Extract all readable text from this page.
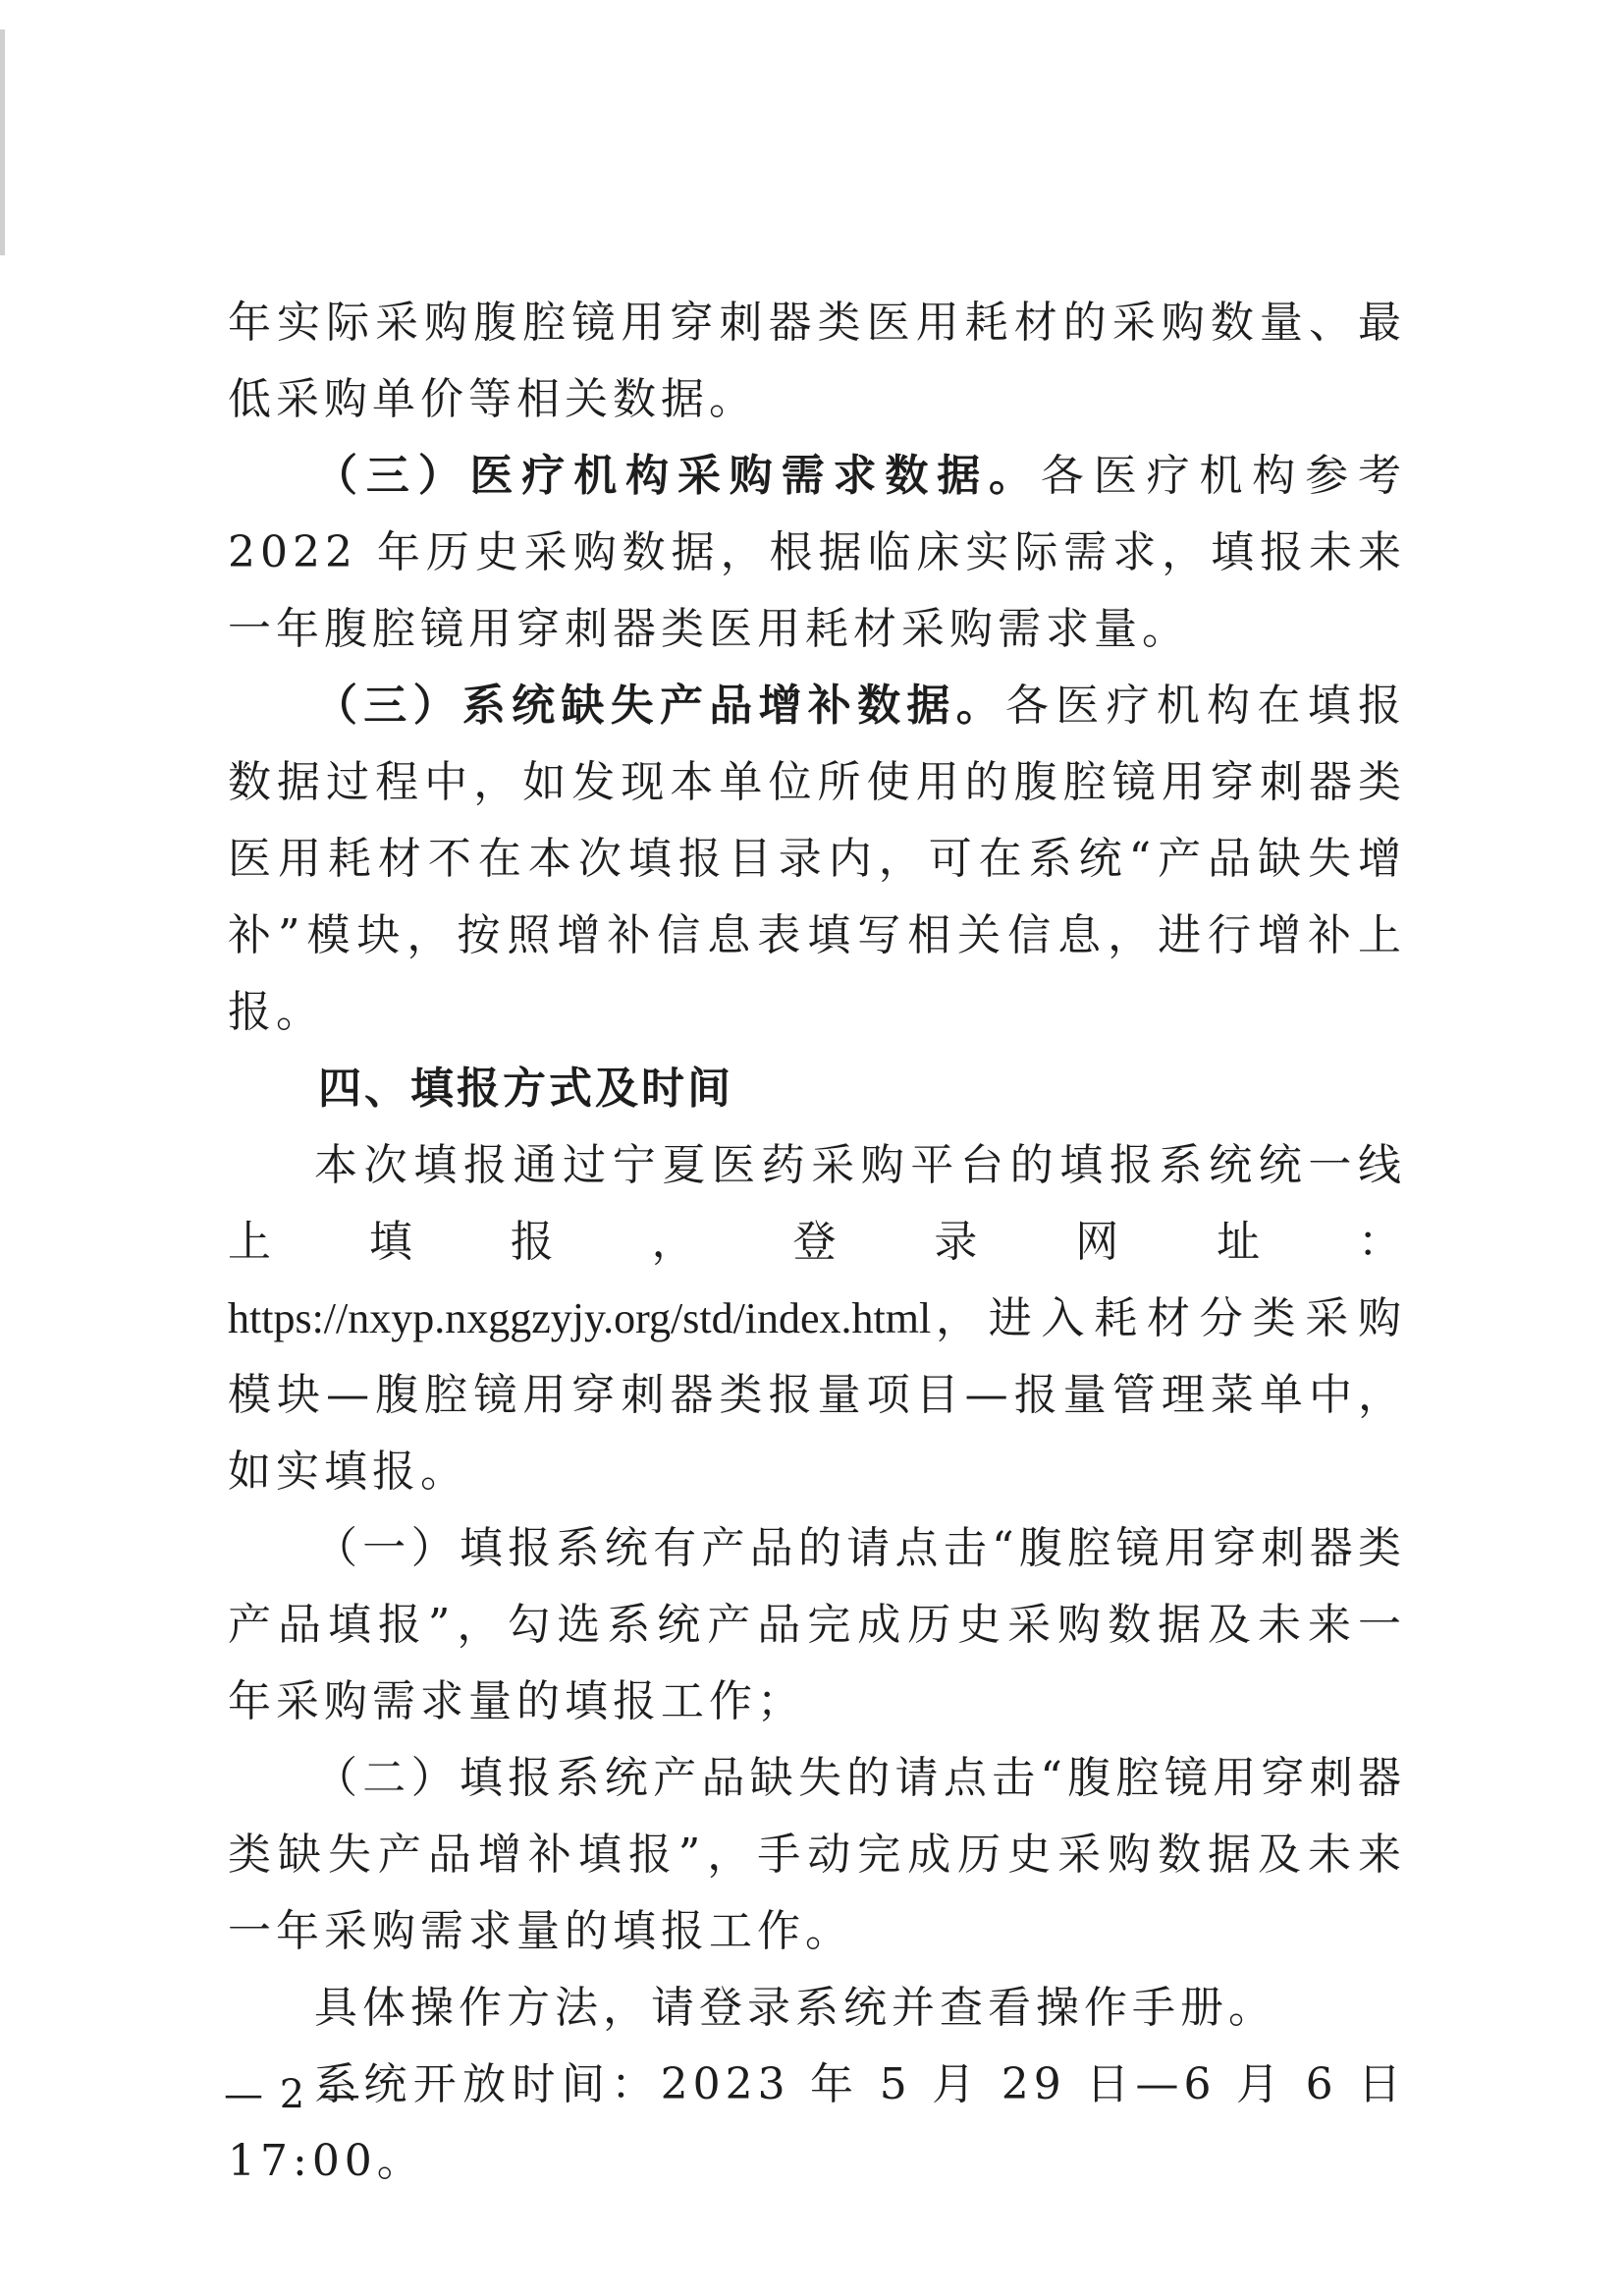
年实际采购腹腔镜用穿刺器类医用耗材的采购数量、最低采购单价等相关数据。

（三）医疗机构采购需求数据。各医疗机构参考 2022 年历史采购数据，根据临床实际需求，填报未来一年腹腔镜用穿刺器类医用耗材采购需求量。

（三）系统缺失产品增补数据。各医疗机构在填报数据过程中，如发现本单位所使用的腹腔镜用穿刺器类医用耗材不在本次填报目录内，可在系统“产品缺失增补”模块，按照增补信息表填写相关信息，进行增补上报。

四、填报方式及时间

本次填报通过宁夏医药采购平台的填报系统统一线上填报，登录网址：https://nxyp.nxggzyjy.org/std/index.html，进入耗材分类采购模块—腹腔镜用穿刺器类报量项目—报量管理菜单中，如实填报。

（一）填报系统有产品的请点击“腹腔镜用穿刺器类产品填报”，勾选系统产品完成历史采购数据及未来一年采购需求量的填报工作；

（二）填报系统产品缺失的请点击“腹腔镜用穿刺器类缺失产品增补填报”，手动完成历史采购数据及未来一年采购需求量的填报工作。

具体操作方法，请登录系统并查看操作手册。

系统开放时间：2023 年 5 月 29 日—6 月 6 日 17:00。

— 2 —
